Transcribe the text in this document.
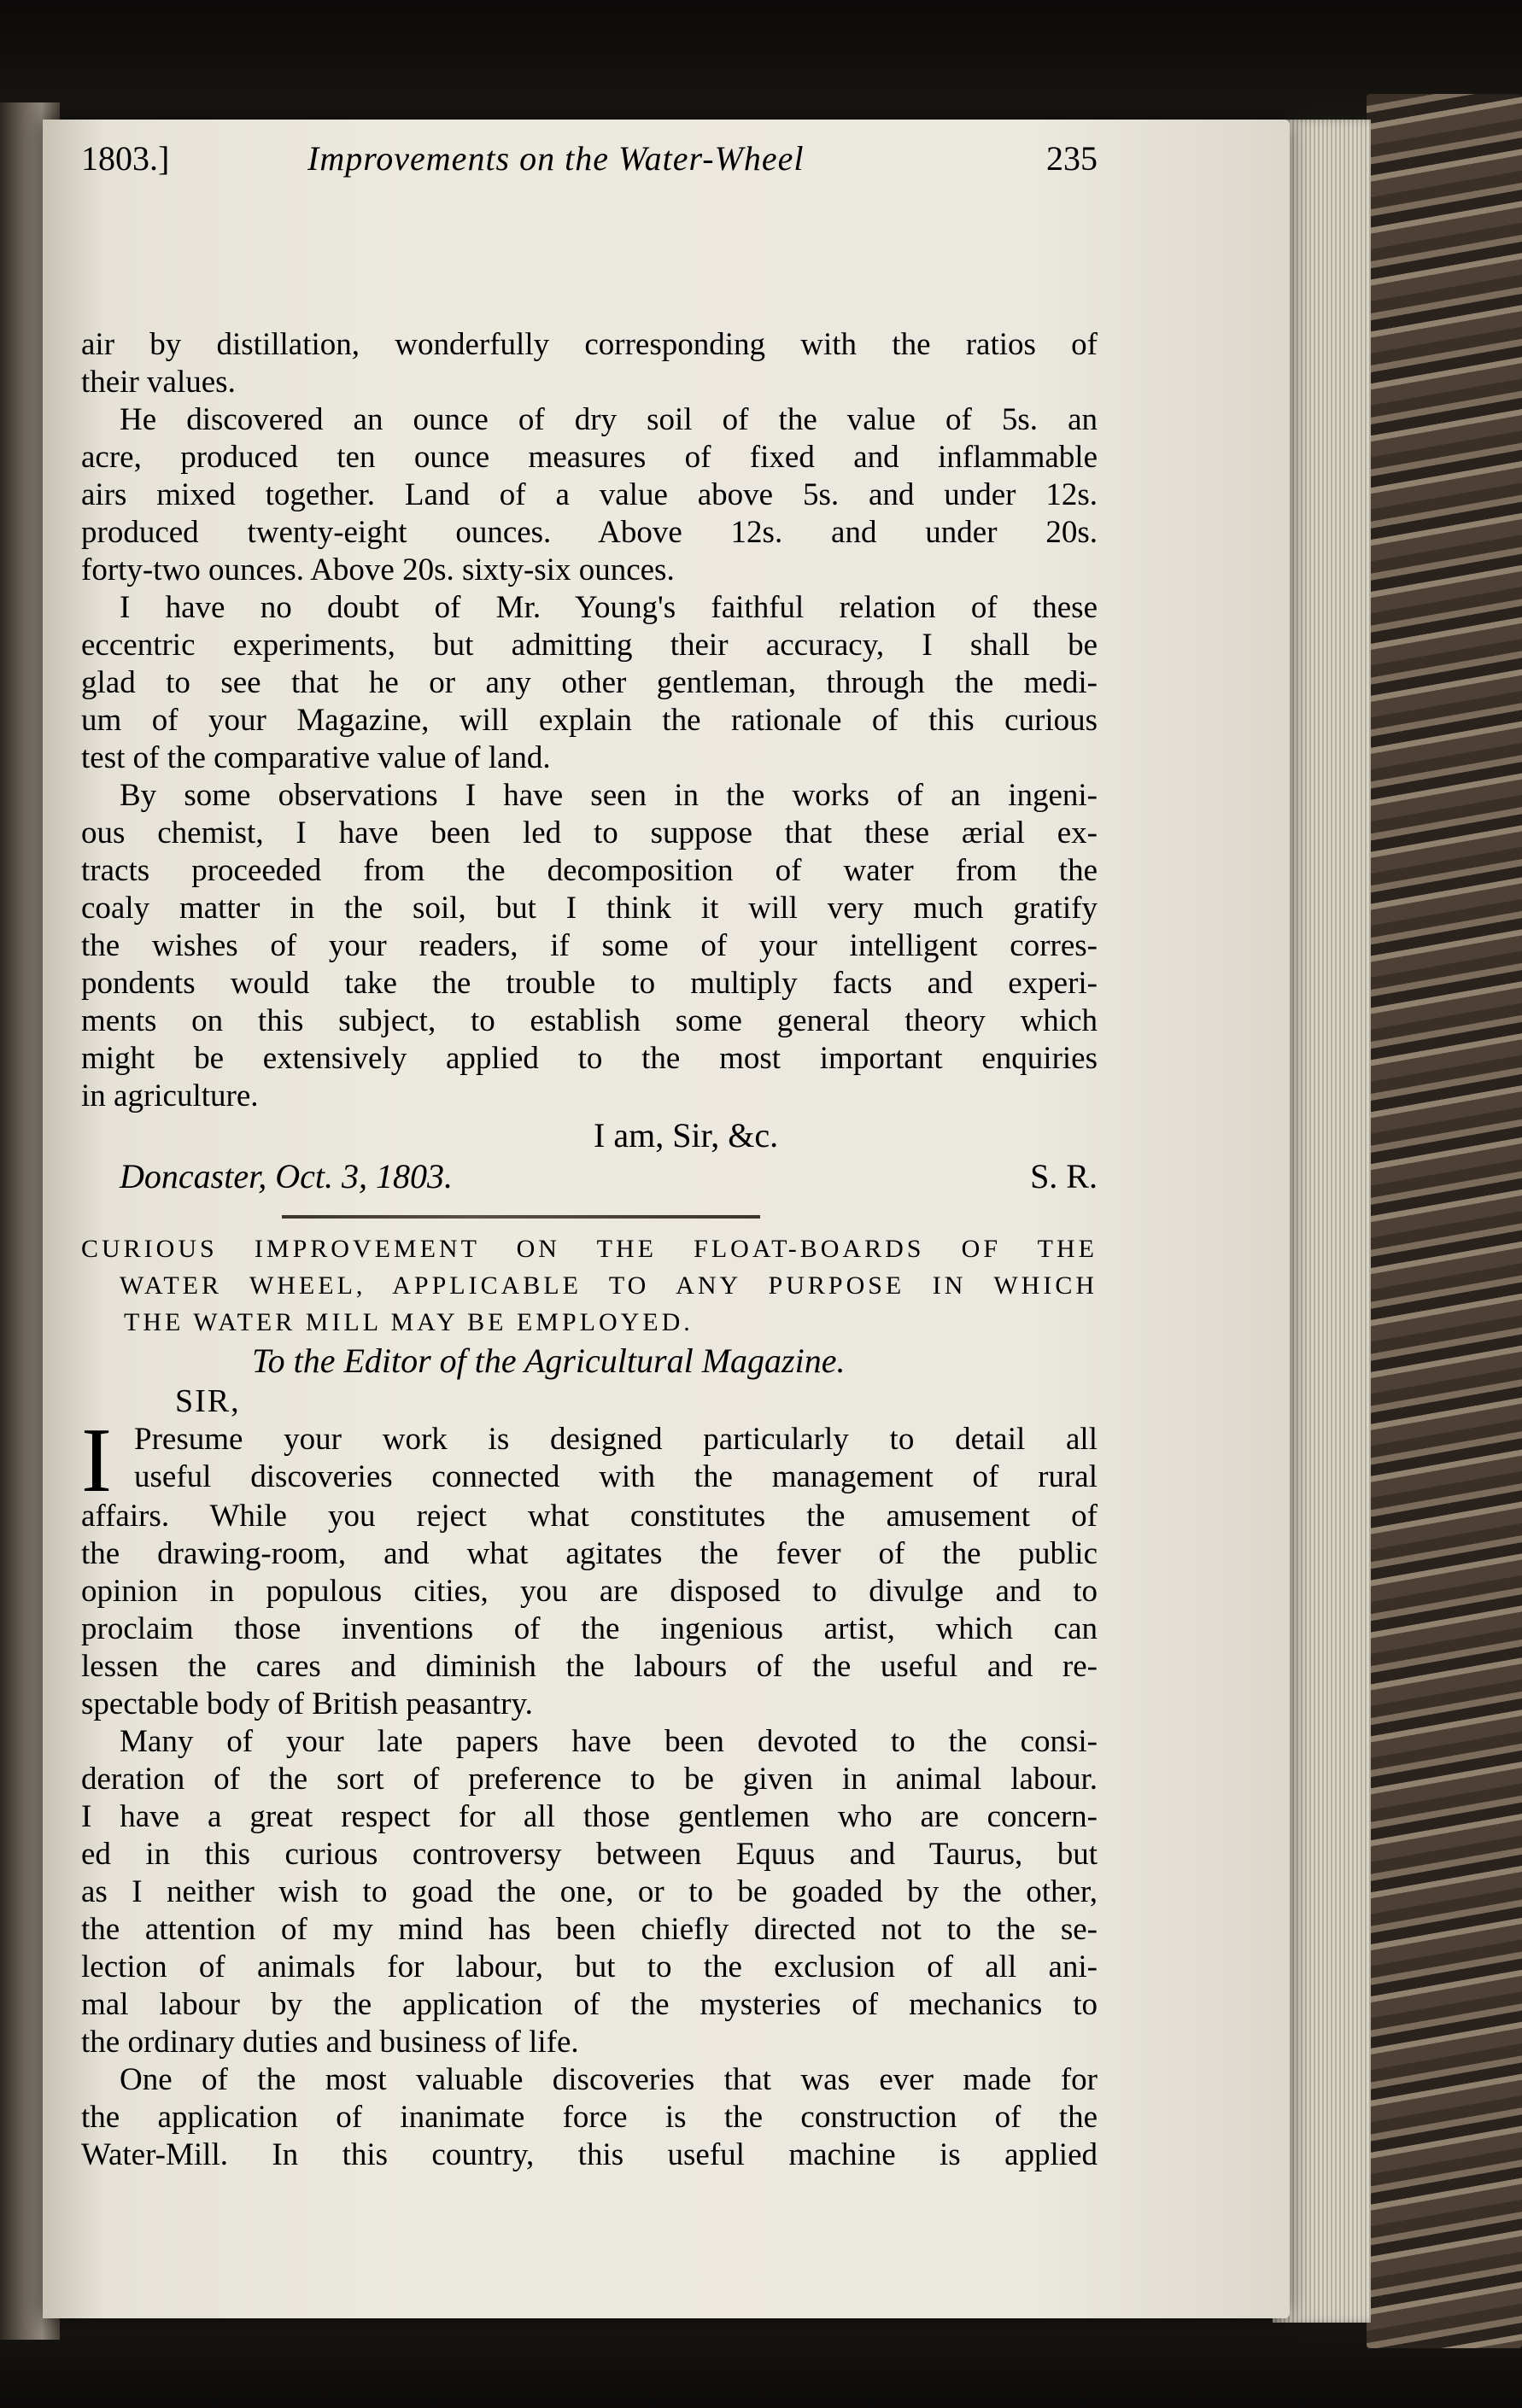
1803.]	Improvements on the Water-Wheel	235
air by distillation, wonderfully corresponding with the ratios of
their values.
He discovered an ounce of dry soil of the value of 5s. an
acre, produced ten ounce measures of fixed and inflammable
airs mixed together. Land of a value above 5s. and under 12s.
produced twenty-eight ounces. Above 12s. and under 20s.
forty-two ounces. Above 20s. sixty-six ounces.
I have no doubt of Mr. Young's faithful relation of these
eccentric experiments, but admitting their accuracy, I shall be
glad to see that he or any other gentleman, through the medi-
um of your Magazine, will explain the rationale of this curious
test of the comparative value of land.
By some observations I have seen in the works of an ingeni-
ous chemist, I have been led to suppose that these ærial ex-
tracts proceeded from the decomposition of water from the
coaly matter in the soil, but I think it will very much gratify
the wishes of your readers, if some of your intelligent corres-
pondents would take the trouble to multiply facts and experi-
ments on this subject, to establish some general theory which
might be extensively applied to the most important enquiries
in agriculture.
I am, Sir, &c.
Doncaster, Oct. 3, 1803.	S. R.
CURIOUS IMPROVEMENT ON THE FLOAT-BOARDS OF THE
WATER WHEEL, APPLICABLE TO ANY PURPOSE IN WHICH
THE WATER MILL MAY BE EMPLOYED.
To the Editor of the Agricultural Magazine.
SIR,
I Presume your work is designed particularly to detail all
useful discoveries connected with the management of rural
affairs. While you reject what constitutes the amusement of
the drawing-room, and what agitates the fever of the public
opinion in populous cities, you are disposed to divulge and to
proclaim those inventions of the ingenious artist, which can
lessen the cares and diminish the labours of the useful and re-
spectable body of British peasantry.
Many of your late papers have been devoted to the consi-
deration of the sort of preference to be given in animal labour.
I have a great respect for all those gentlemen who are concern-
ed in this curious controversy between Equus and Taurus, but
as I neither wish to goad the one, or to be goaded by the other,
the attention of my mind has been chiefly directed not to the se-
lection of animals for labour, but to the exclusion of all ani-
mal labour by the application of the mysteries of mechanics to
the ordinary duties and business of life.
One of the most valuable discoveries that was ever made for
the application of inanimate force is the construction of the
Water-Mill. In this country, this useful machine is applied
